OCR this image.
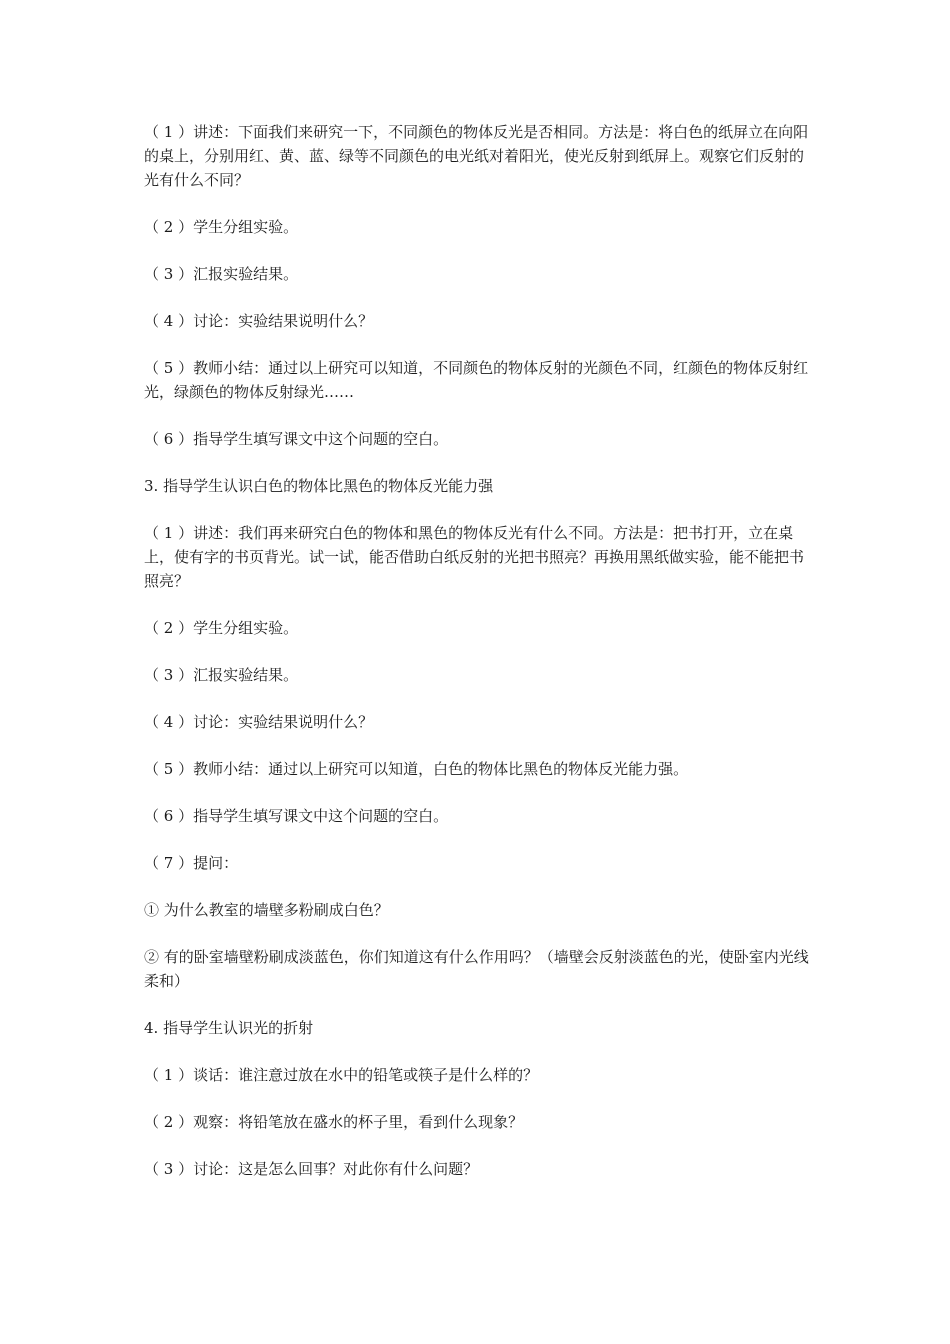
（ 1 ）讲述：下面我们来研究一下，不同颜色的物体反光是否相同。方法是：将白色的纸屏立在向阳的桌上，分别用红、黄、蓝、绿等不同颜色的电光纸对着阳光，使光反射到纸屏上。观察它们反射的光有什么不同？

（ 2 ）学生分组实验。

（ 3 ）汇报实验结果。

（ 4 ）讨论：实验结果说明什么？

（ 5 ）教师小结：通过以上研究可以知道，不同颜色的物体反射的光颜色不同，红颜色的物体反射红光，绿颜色的物体反射绿光……

（ 6 ）指导学生填写课文中这个问题的空白。

3. 指导学生认识白色的物体比黑色的物体反光能力强

（ 1 ）讲述：我们再来研究白色的物体和黑色的物体反光有什么不同。方法是：把书打开，立在桌上，使有字的书页背光。试一试，能否借助白纸反射的光把书照亮？再换用黑纸做实验，能不能把书照亮？

（ 2 ）学生分组实验。

（ 3 ）汇报实验结果。

（ 4 ）讨论：实验结果说明什么？

（ 5 ）教师小结：通过以上研究可以知道，白色的物体比黑色的物体反光能力强。

（ 6 ）指导学生填写课文中这个问题的空白。

（ 7 ）提问：

① 为什么教室的墙壁多粉刷成白色？

② 有的卧室墙壁粉刷成淡蓝色，你们知道这有什么作用吗？（墙壁会反射淡蓝色的光，使卧室内光线柔和）

4. 指导学生认识光的折射

（ 1 ）谈话：谁注意过放在水中的铅笔或筷子是什么样的？

（ 2 ）观察：将铅笔放在盛水的杯子里，看到什么现象？

（ 3 ）讨论：这是怎么回事？对此你有什么问题？
